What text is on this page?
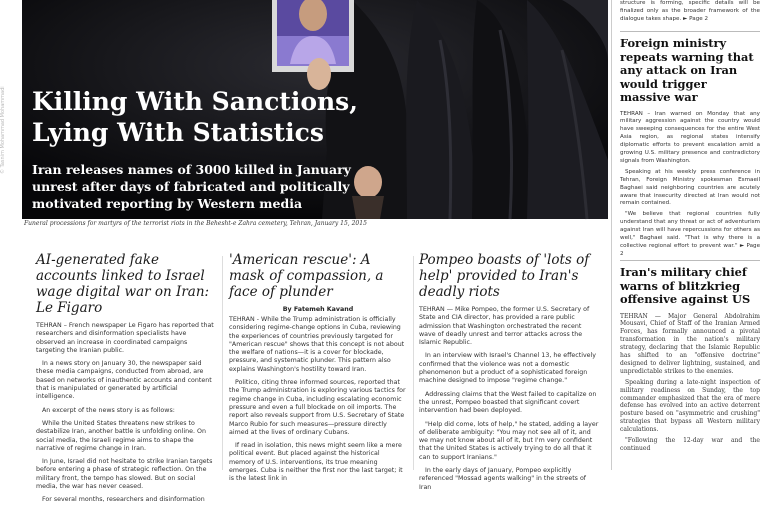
Killing With Sanctions,
Lying With Statistics

Iran releases names of 3000 killed in January unrest after days of fabricated and politically motivated reporting by Western media

© Tasnim Mohammad Mohammadi
Funeral processions for martyrs of the terrorist riots in the Behesht-e Zahra cemetery, Tehran, January 15, 2015
AI-generated fake accounts linked to Israel wage digital war on Iran: Le Figaro

TEHRAN – French newspaper Le Figaro has reported that researchers and disinformation specialists have observed an increase in coordinated campaigns targeting the Iranian public.

In a news story on January 30, the newspaper said these media campaigns, conducted from abroad, are based on networks of inauthentic accounts and content that is manipulated or generated by artificial intelligence.

An excerpt of the news story is as follows:

While the United States threatens new strikes to destabilize Iran, another battle is unfolding online. On social media, the Israeli regime aims to shape the narrative of regime change in Iran.

In June, Israel did not hesitate to strike Iranian targets before entering a phase of strategic reflection. On the military front, the tempo has slowed. But on social media, the war has never ceased.

For several months, researchers and disinformation

'American rescue': A mask of compassion, a face of plunder
By Fatemeh Kavand

TEHRAN - While the Trump administration is officially considering regime-change options in Cuba, reviewing the experiences of countries previously targeted for "American rescue" shows that this concept is not about the welfare of nations—it is a cover for blockade, pressure, and systematic plunder. This pattern also explains Washington's hostility toward Iran.

Politico, citing three informed sources, reported that the Trump administration is exploring various tactics for regime change in Cuba, including escalating economic pressure and even a full blockade on oil imports. The report also reveals support from U.S. Secretary of State Marco Rubio for such measures—pressure directly aimed at the lives of ordinary Cubans.

If read in isolation, this news might seem like a mere political event. But placed against the historical memory of U.S. interventions, its true meaning emerges. Cuba is neither the first nor the last target; it is the latest link in

Pompeo boasts of 'lots of help' provided to Iran's deadly riots

TEHRAN — Mike Pompeo, the former U.S. Secretary of State and CIA director, has provided a rare public admission that Washington orchestrated the recent wave of deadly unrest and terror attacks across the Islamic Republic.

In an interview with Israel's Channel 13, he effectively confirmed that the violence was not a domestic phenomenon but a product of a sophisticated foreign machine designed to impose "regime change."

Addressing claims that the West failed to capitalize on the unrest, Pompeo boasted that significant covert intervention had been deployed.

"Help did come, lots of help," he stated, adding a layer of deliberate ambiguity: "You may not see all of it, and we may not know about all of it, but I'm very confident that the United States is actively trying to do all that it can to support Iranians."

In the early days of January, Pompeo explicitly referenced "Mossad agents walking" in the streets of Iran

structure is forming, specific details will be finalized only as the broader framework of the dialogue takes shape. ► Page 2

Foreign ministry repeats warning that any attack on Iran would trigger massive war

TEHRAN – Iran warned on Monday that any military aggression against the country would have sweeping consequences for the entire West Asia region, as regional states intensify diplomatic efforts to prevent escalation amid a growing U.S. military presence and contradictory signals from Washington.

Speaking at his weekly press conference in Tehran, Foreign Ministry spokesman Esmaeil Baghaei said neighboring countries are acutely aware that insecurity directed at Iran would not remain contained.

"We believe that regional countries fully understand that any threat or act of adventurism against Iran will have repercussions for others as well," Baghaei said. "That is why there is a collective regional effort to prevent war." ► Page 2

Iran's military chief warns of blitzkrieg offensive against US

TEHRAN — Major General Abdolrahim Mousavi, Chief of Staff of the Iranian Armed Forces, has formally announced a pivotal transformation in the nation's military strategy, declaring that the Islamic Republic has shifted to an "offensive doctrine" designed to deliver lightning, sustained, and unpredictable strikes to the enemies.

Speaking during a late-night inspection of military readiness on Sunday, the top commander emphasized that the era of mere defense has evolved into an active deterrent posture based on "asymmetric and crushing" strategies that bypass all Western military calculations.

"Following the 12-day war and the continued
